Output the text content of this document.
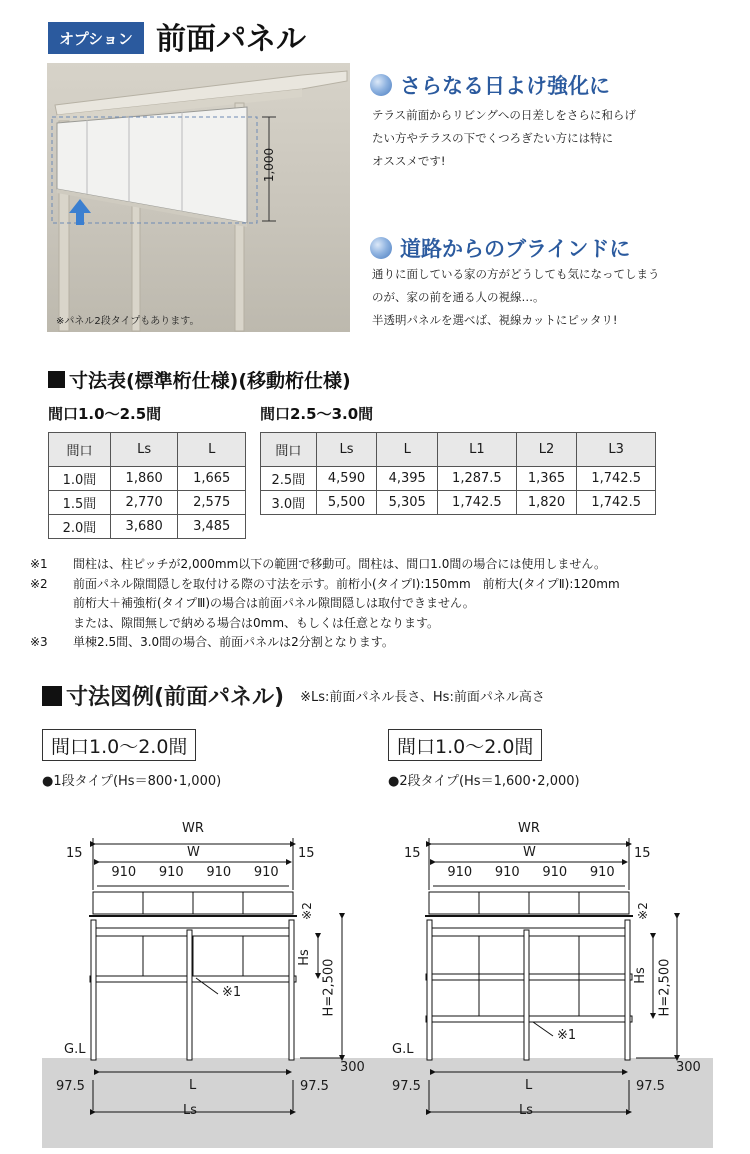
オプション 前面パネル
1,000
※パネル2段タイプもあります。
さらなる日よけ強化に
テラス前面からリビングへの日差しをさらに和らげ
たい方やテラスの下でくつろぎたい方には特に
オススメです!
道路からのブラインドに
通りに面している家の方がどうしても気になってしまう
のが、家の前を通る人の視線…。
半透明パネルを選べば、視線カットにピッタリ!
寸法表(標準桁仕様)(移動桁仕様)
間口1.0～2.5間	間口2.5～3.0間
間口	Ls	L
1.0間	1,860	1,665
1.5間	2,770	2,575
2.0間	3,680	3,485
間口	Ls	L	L1	L2	L3
2.5間	4,590	4,395	1,287.5	1,365	1,742.5
3.0間	5,500	5,305	1,742.5	1,820	1,742.5
※1	間柱は、柱ピッチが2,000mm以下の範囲で移動可。間柱は、間口1.0間の場合には使用しません。
※2	前面パネル隙間隠しを取付ける際の寸法を示す。前桁小(タイプⅠ):150mm　前桁大(タイプⅡ):120mm
前桁大＋補強桁(タイプⅢ)の場合は前面パネル隙間隠しは取付できません。
または、隙間無しで納める場合は0mm、もしくは任意となります。
※3	単棟2.5間、3.0間の場合、前面パネルは2分割となります。
寸法図例(前面パネル) ※Ls:前面パネル長さ、Hs:前面パネル高さ
間口1.0～2.0間
●1段タイプ(Hs＝800･1,000)
間口1.0～2.0間
●2段タイプ(Hs＝1,600･2,000)
WR
W
15	15
910 910 910 910
※2
Hs
H=2,500
※1
G.L
300
97.5	97.5
L
Ls
WR
W
15	15
910 910 910 910
※2
Hs H=2,500
※1
G.L
300
97.5	97.5
L
Ls
